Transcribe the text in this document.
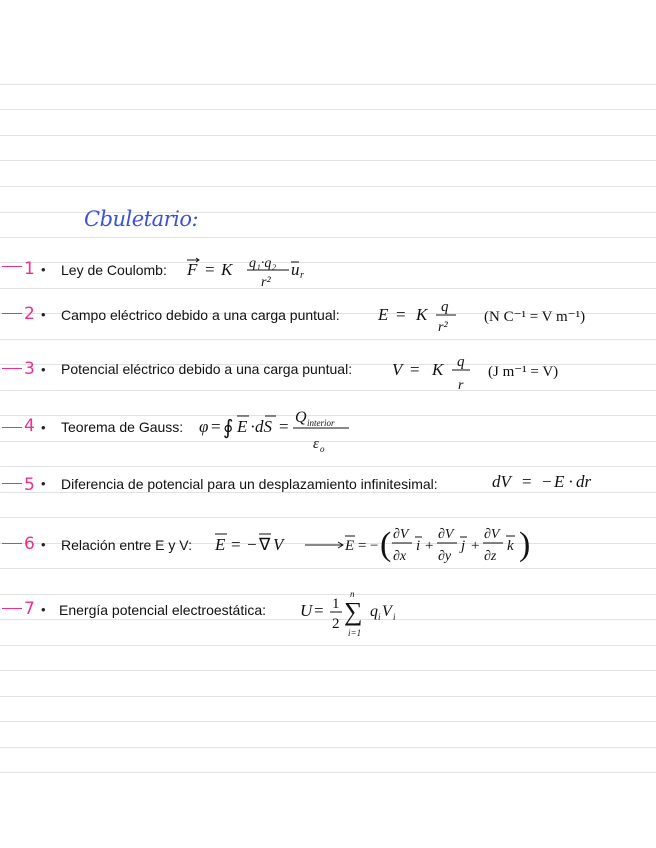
Cbuletario:
1 • Ley de Coulomb: F = K q₁·q₂
r²
u r
2 • Campo eléctrico debido a una carga puntual: E = K q
r²
(N C⁻¹ = V m⁻¹)
3 • Potencial eléctrico debido a una carga puntual: V = K q
r
(J m⁻¹ = V)
4 • Teorema de Gauss: φ = ∮ E · dS = Q interior
ε o
5 • Diferencia de potencial para un desplazamiento infinitesimal:	dV = − E · dr
6 • Relación entre E y V: E = − ∇ V	E = − ( ∂V
∂x
i +
∂V
∂y
j +
∂V
∂z
k )
7 • Energía potencial electroestática: U = 1
2
n
∑
i=1
q i V i
